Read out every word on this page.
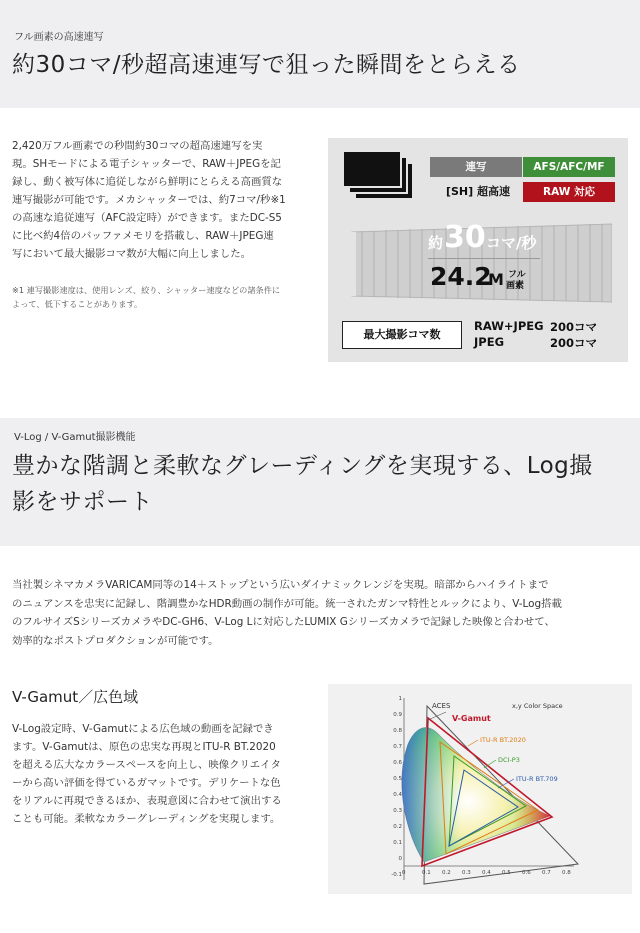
フル画素の高速連写
約30コマ/秒超高速連写で狙った瞬間をとらえる
2,420万フル画素での秒間約30コマの超高速連写を実
現。SHモードによる電子シャッターで、RAW＋JPEGを記
録し、動く被写体に追従しながら鮮明にとらえる高画質な
連写撮影が可能です。メカシャッターでは、約7コマ/秒※1
の高速な追従連写（AFC設定時）ができます。またDC-S5
に比べ約4倍のバッファメモリを搭載し、RAW＋JPEG連
写において最大撮影コマ数が大幅に向上しました。
※1 連写撮影速度は、使用レンズ、絞り、シャッター速度などの諸条件に
よって、低下することがあります。
連写	AFS/AFC/MF
[SH] 超高速	RAW 対応
約 30 コマ/秒
24.2
M フル
画素
最大撮影コマ数
RAW+JPEG 200コマ
JPEG	200コマ
V-Log / V-Gamut撮影機能
豊かな階調と柔軟なグレーディングを実現する、Log撮
影をサポート
当社製シネマカメラVARICAM同等の14＋ストップという広いダイナミックレンジを実現。暗部からハイライトまで
のニュアンスを忠実に記録し、階調豊かなHDR動画の制作が可能。統一されたガンマ特性とルックにより、V-Log搭載
のフルサイズSシリーズカメラやDC-GH6、V-Log Lに対応したLUMIX Gシリーズカメラで記録した映像と合わせて、
効率的なポストプロダクションが可能です。
V-Gamut／広色域
V-Log設定時、V-Gamutによる広色域の動画を記録でき
ます。V-Gamutは、原色の忠実な再現とITU-R BT.2020
を超える広大なカラースペースを向上し、映像クリエイタ
ーから高い評価を得ているガマットです。デリケートな色
をリアルに再現できるほか、表現意図に合わせて演出する
ことも可能。柔軟なカラーグレーディングを実現します。
x,y Color Space
ACES
V-Gamut
ITU-R BT.2020
DCI-P3
ITU-R BT.709
1
0.9
0.8
0.7
0.6
0.5
0.4
0.3
0.2
0.1
0
-0.1 0	0.1 0.2 0.3 0.4 0.5 0.6 0.7 0.8
